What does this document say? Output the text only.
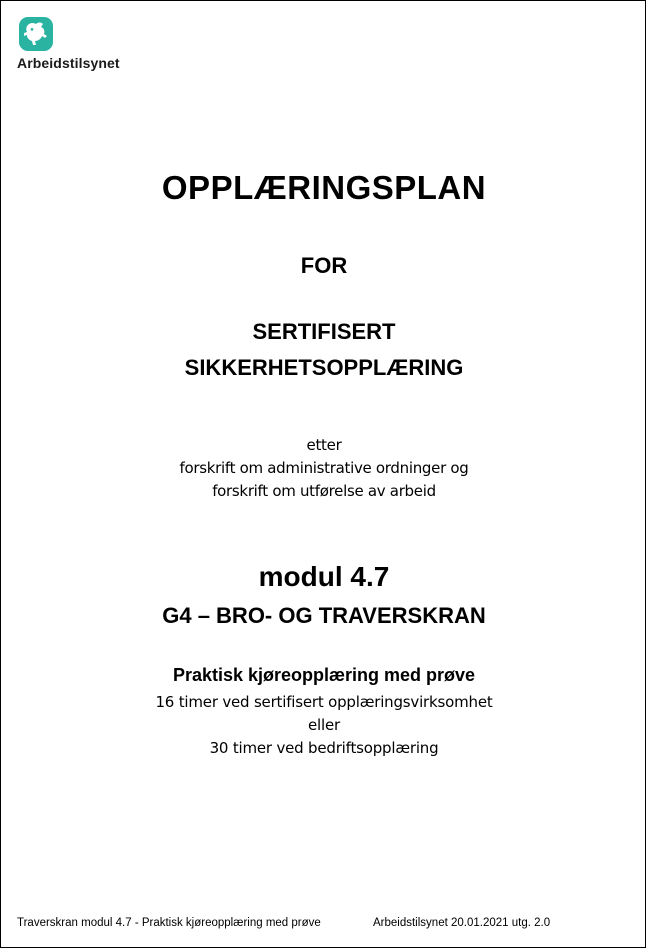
Arbeidstilsynet
OPPLÆRINGSPLAN
FOR
SERTIFISERT
SIKKERHETSOPPLÆRING
etter
forskrift om administrative ordninger og
forskrift om utførelse av arbeid
modul 4.7
G4 – BRO- OG TRAVERSKRAN
Praktisk kjøreopplæring med prøve
16 timer ved sertifisert opplæringsvirksomhet
eller
30 timer ved bedriftsopplæring
Traverskran modul 4.7 - Praktisk kjøreopplæring med prøve	Arbeidstilsynet 20.01.2021 utg. 2.0
